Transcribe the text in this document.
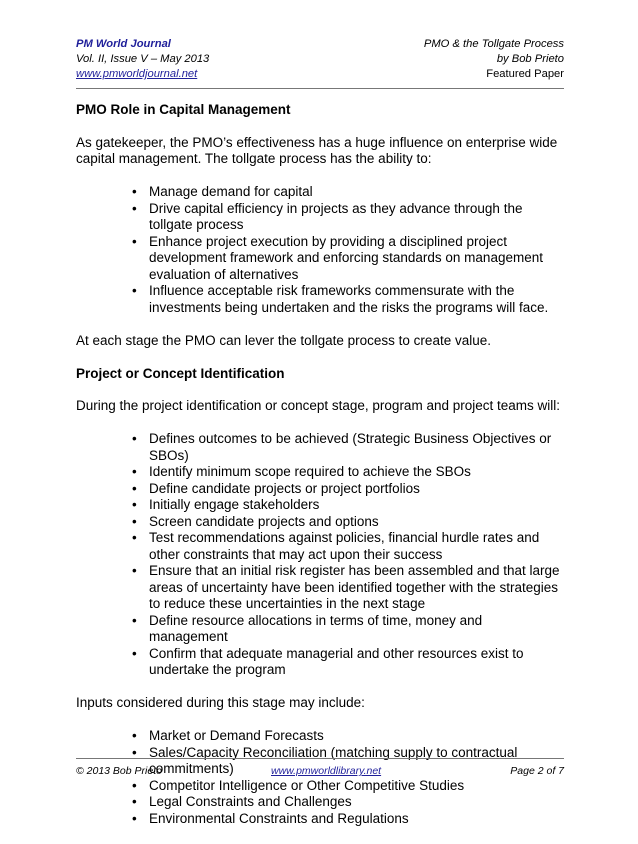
PM World Journal
Vol. II, Issue V – May 2013
www.pmworldjournal.net
PMO & the Tollgate Process
by Bob Prieto
Featured Paper
PMO Role in Capital Management

As gatekeeper, the PMO’s effectiveness has a huge influence on enterprise wide capital management. The tollgate process has the ability to:

• Manage demand for capital
• Drive capital efficiency in projects as they advance through the tollgate process
• Enhance project execution by providing a disciplined project development framework and enforcing standards on management evaluation of alternatives
• Influence acceptable risk frameworks commensurate with the investments being undertaken and the risks the programs will face.

At each stage the PMO can lever the tollgate process to create value.

Project or Concept Identification

During the project identification or concept stage, program and project teams will:

• Defines outcomes to be achieved (Strategic Business Objectives or SBOs)
• Identify minimum scope required to achieve the SBOs
• Define candidate projects or project portfolios
• Initially engage stakeholders
• Screen candidate projects and options
• Test recommendations against policies, financial hurdle rates and other constraints that may act upon their success
• Ensure that an initial risk register has been assembled and that large areas of uncertainty have been identified together with the strategies to reduce these uncertainties in the next stage
• Define resource allocations in terms of time, money and management
• Confirm that adequate managerial and other resources exist to undertake the program

Inputs considered during this stage may include:

• Market or Demand Forecasts
• Sales/Capacity Reconciliation (matching supply to contractual commitments)
• Competitor Intelligence or Other Competitive Studies
• Legal Constraints and Challenges
• Environmental Constraints and Regulations
© 2013 Bob Prieto	www.pmworldlibrary.net	Page 2 of 7
